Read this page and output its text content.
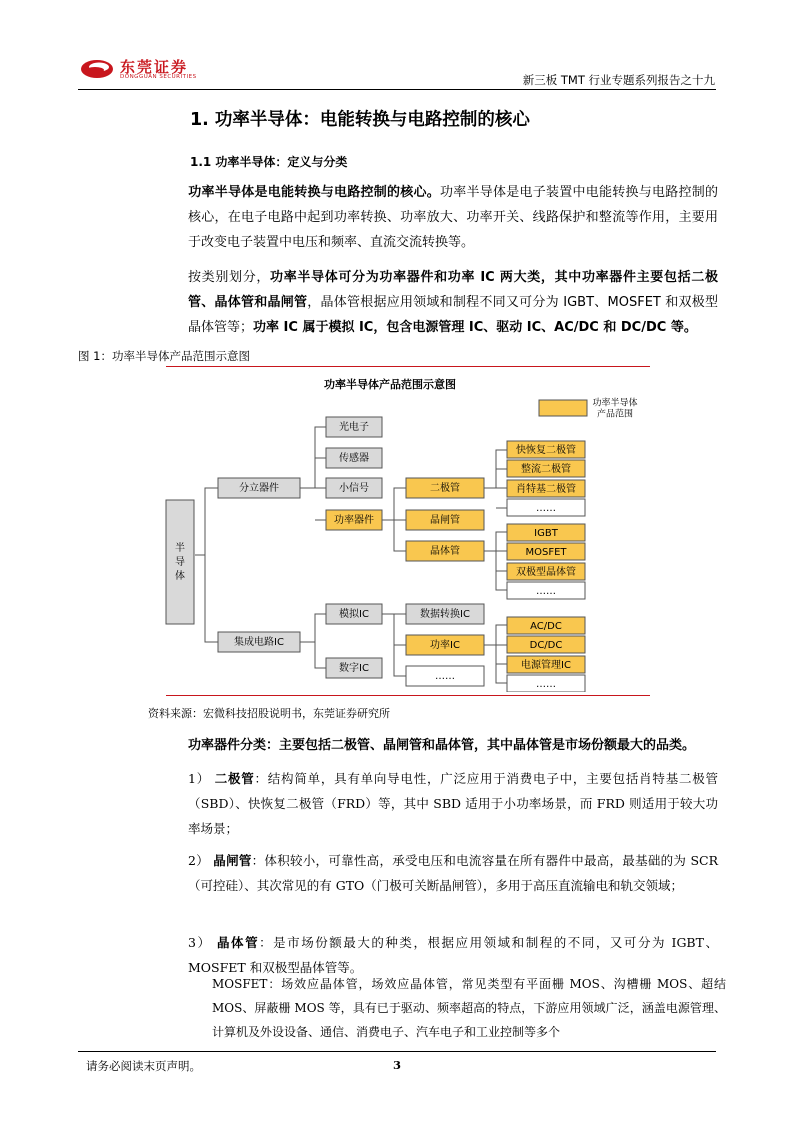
东莞证券
DONGGUAN SECURITIES	新三板 TMT 行业专题系列报告之十九
1. 功率半导体：电能转换与电路控制的核心
1.1 功率半导体：定义与分类
功率半导体是电能转换与电路控制的核心。功率半导体是电子装置中电能转换与电路控制的核心，在电子电路中起到功率转换、功率放大、功率开关、线路保护和整流等作用，主要用于改变电子装置中电压和频率、直流交流转换等。
按类别划分，功率半导体可分为功率器件和功率 IC 两大类，其中功率器件主要包括二极管、晶体管和晶闸管，晶体管根据应用领域和制程不同又可分为 IGBT、MOSFET 和双极型晶体管等；功率 IC 属于模拟 IC，包含电源管理 IC、驱动 IC、AC/DC 和 DC/DC 等。
图 1：功率半导体产品范围示意图
功率半导体产品范围示意图
功率半导体
产品范围
半
导
体
分立器件
集成电路IC
光电子
传感器
小信号
功率器件
模拟IC
数字IC
二极管
晶闸管
晶体管
数据转换IC
功率IC
……
快恢复二极管
整流二极管
肖特基二极管
……
IGBT
MOSFET
双极型晶体管
……
AC/DC
DC/DC
电源管理IC
……
资料来源：宏微科技招股说明书，东莞证券研究所
功率器件分类：主要包括二极管、晶闸管和晶体管，其中晶体管是市场份额最大的品类。
1） 二极管：结构简单，具有单向导电性，广泛应用于消费电子中，主要包括肖特基二极管（SBD）、快恢复二极管（FRD）等，其中 SBD 适用于小功率场景，而 FRD 则适用于较大功率场景；
2） 晶闸管：体积较小，可靠性高，承受电压和电流容量在所有器件中最高，最基础的为 SCR（可控硅）、其次常见的有 GTO（门极可关断晶闸管），多用于高压直流输电和轨交领域；
3） 晶体管：是市场份额最大的种类，根据应用领域和制程的不同，又可分为 IGBT、MOSFET 和双极型晶体管等。
MOSFET：场效应晶体管，场效应晶体管，常见类型有平面栅 MOS、沟槽栅 MOS、超结 MOS、屏蔽栅 MOS 等，具有已于驱动、频率超高的特点，下游应用领域广泛，涵盖电源管理、计算机及外设设备、通信、消费电子、汽车电子和工业控制等多个
请务必阅读末页声明。	3
